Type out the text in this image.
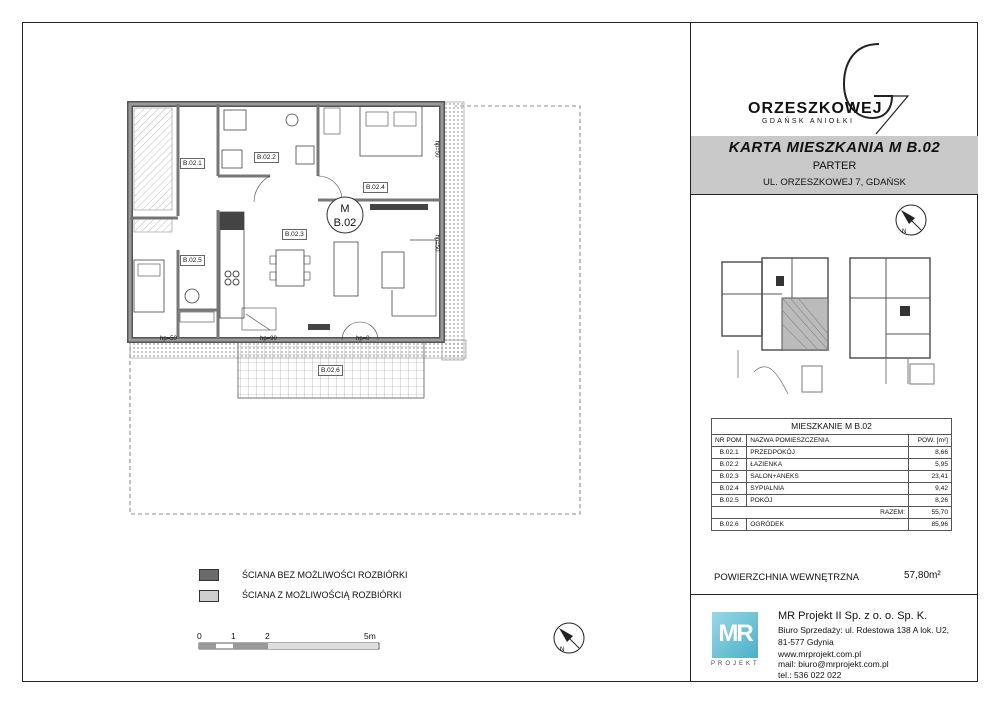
ORZESZKOWEJ
GDAŃSK ANIOŁKI
KARTA MIESZKANIA M B.02
PARTER
UL. ORZESZKOWEJ 7, GDAŃSK
N
N
MIESZKANIE M B.02		
NR POM.	NAZWA POMIESZCZENIA	POW. [m²]
B.02.1	PRZEDPOKÓJ	8,66
B.02.2	ŁAZIENKA	5,95
B.02.3	SALON+ANEKS	23,41
B.02.4	SYPIALNIA	9,42
B.02.5	POKÓJ	8,26
RAZEM:		55,70
B.02.6	OGRÓDEK	85,96
POWIERZCHNIA WEWNĘTRZNA	57,80m²
MR
PROJEKT
MR Projekt II Sp. z o. o. Sp. K.
Biuro Sprzedaży: ul. Rdestowa 138 A lok. U2,
81-577 Gdynia
www.mrprojekt.com.pl
mail: biuro@mrprojekt.com.pl
tel.: 536 022 022
ŚCIANA BEZ MOŻLIWOŚCI ROZBIÓRKI
ŚCIANA Z MOŻLIWOŚCIĄ ROZBIÓRKI
0	1	2	5m
M
B.02
B.02.1
B.02.2
B.02.3
B.02.4
B.02.5
B.02.6
hp=50	hp=90	hp=0
hp=50
hp=50
